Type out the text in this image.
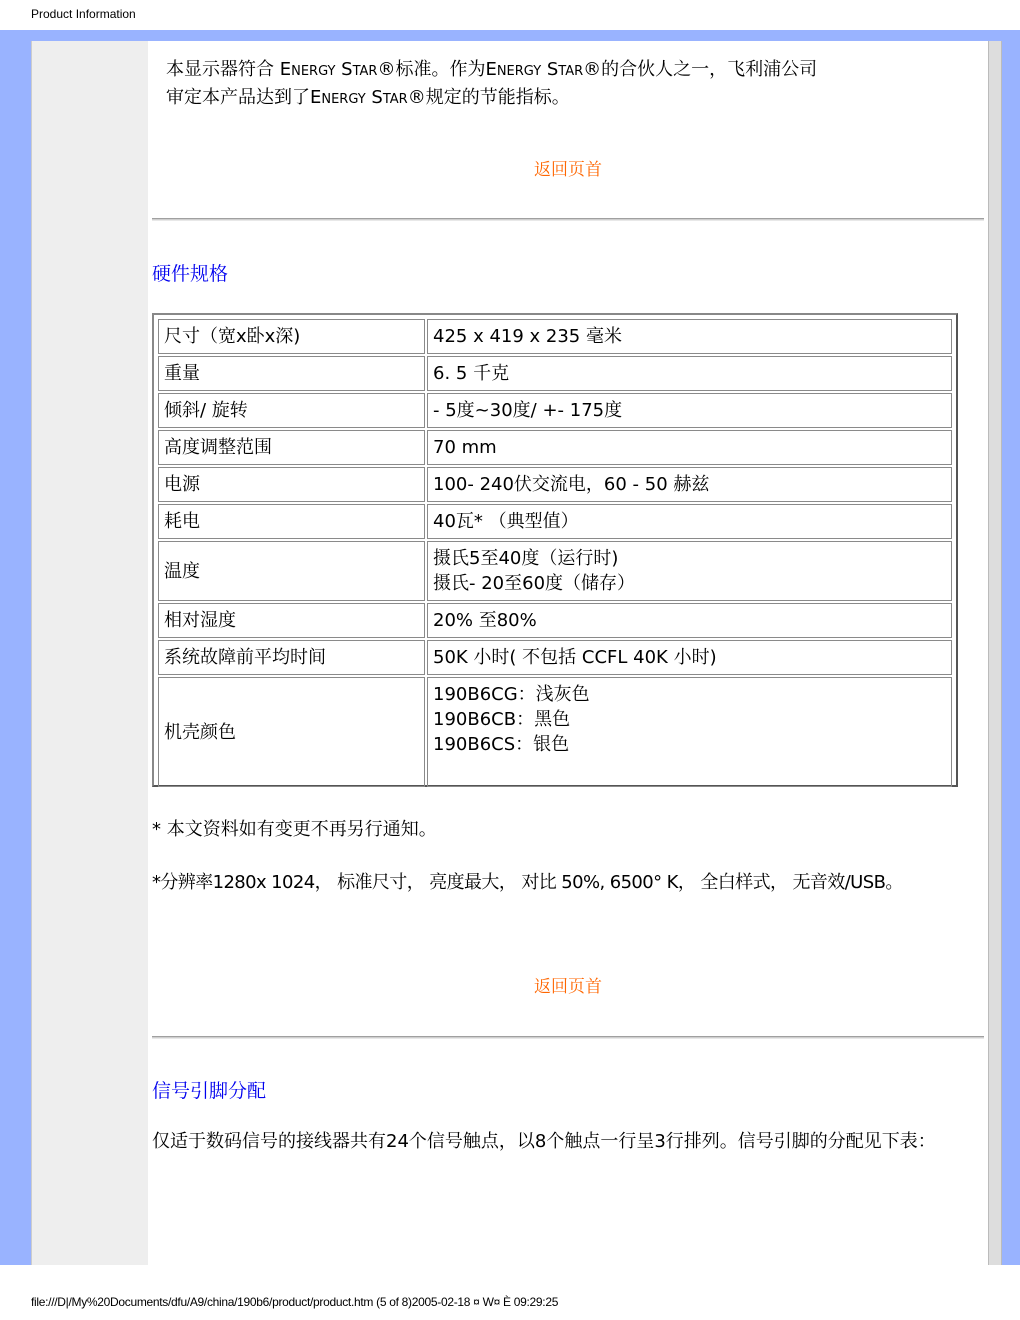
Product Information
本显示器符合 Energy Star®标准。作为Energy Star®的合伙人之一，飞利浦公司
审定本产品达到了Energy Star®规定的节能指标。
返回页首
硬件规格
尺寸（宽x卧x深)	425 x 419 x 235 毫米
重量	6. 5 千克
倾斜/ 旋转	- 5度~30度/ +- 175度
高度调整范围	70 mm
电源	100- 240伏交流电，60 - 50 赫兹
耗电	40瓦* （典型值）
温度	摄氏5至40度（运行时)
摄氏- 20至60度（储存）

相对湿度	20% 至80%
系统故障前平均时间	50K 小时( 不包括 CCFL 40K 小时)
机壳颜色	190B6CG：浅灰色
190B6CB：黑色
190B6CS：银色
* 本文资料如有变更不再另行通知。
*分辨率1280x 1024， 标准尺寸， 亮度最大， 对比 50%, 6500° K， 全白样式， 无音效/USB。
返回页首
信号引脚分配
仅适于数码信号的接线器共有24个信号触点，以8个触点一行呈3行排列。信号引脚的分配见下表：
file:///D|/My%20Documents/dfu/A9/china/190b6/product/product.htm (5 of 8)2005-02-18 ¤ W¤ È 09:29:25
